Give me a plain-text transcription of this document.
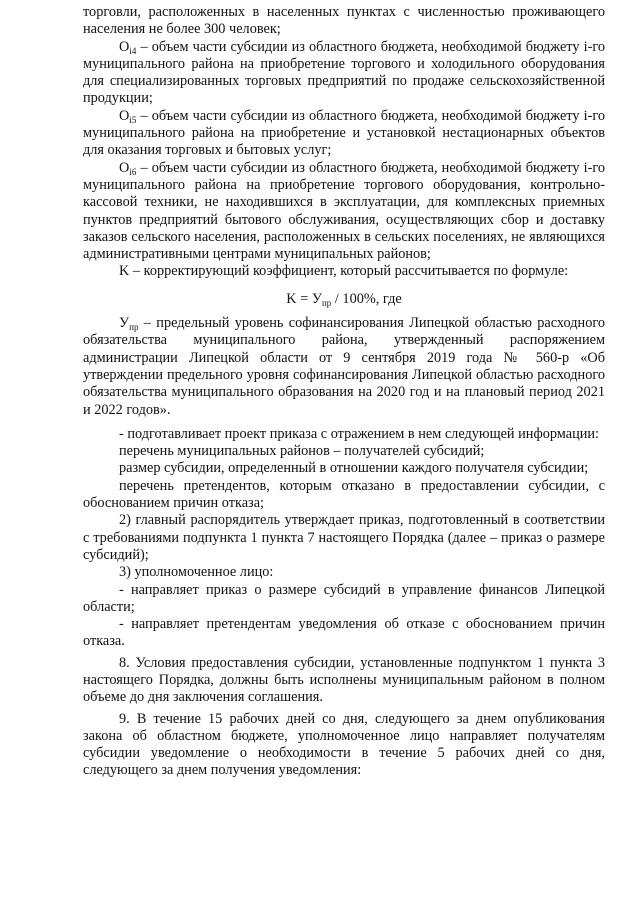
торговли, расположенных в населенных пунктах с численностью проживающего населения не более 300 человек;

$O_{i4}$ – объем части субсидии из областного бюджета, необходимой бюджету i-го муниципального района на приобретение торгового и холодильного оборудования для специализированных торговых предприятий по продаже сельскохозяйственной продукции;

$O_{i5}$ – объем части субсидии из областного бюджета, необходимой бюджету i-го муниципального района на приобретение и установкой нестационарных объектов для оказания торговых и бытовых услуг;

$O_{i6}$ – объем части субсидии из областного бюджета, необходимой бюджету i-го муниципального района на приобретение торгового оборудования, контрольно-кассовой техники, не находившихся в эксплуатации, для комплексных приемных пунктов предприятий бытового обслуживания, осуществляющих сбор и доставку заказов сельского населения, расположенных в сельских поселениях, не являющихся административными центрами муниципальных районов;

K – корректирующий коэффициент, который рассчитывается по формуле:

$K = У_{пр} / 100\%$, где

$У_{пр}$ – предельный уровень софинансирования Липецкой областью расходного обязательства муниципального района, утвержденный распоряжением администрации Липецкой области от 9 сентября 2019 года № 560-р «Об утверждении предельного уровня софинансирования Липецкой областью расходного обязательства муниципального образования на 2020 год и на плановый период 2021 и 2022 годов».

- подготавливает проект приказа с отражением в нем следующей информации:

перечень муниципальных районов – получателей субсидий;

размер субсидии, определенный в отношении каждого получателя субсидии;

перечень претендентов, которым отказано в предоставлении субсидии, с обоснованием причин отказа;

2) главный распорядитель утверждает приказ, подготовленный в соответствии с требованиями подпункта 1 пункта 7 настоящего Порядка (далее – приказ о размере субсидий);

3) уполномоченное лицо:

- направляет приказ о размере субсидий в управление финансов Липецкой области;

- направляет претендентам уведомления об отказе с обоснованием причин отказа.

8. Условия предоставления субсидии, установленные подпунктом 1 пункта 3 настоящего Порядка, должны быть исполнены муниципальным районом в полном объеме до дня заключения соглашения.

9. В течение 15 рабочих дней со дня, следующего за днем опубликования закона об областном бюджете, уполномоченное лицо направляет получателям субсидии уведомление о необходимости в течение 5 рабочих дней со дня, следующего за днем получения уведомления:
